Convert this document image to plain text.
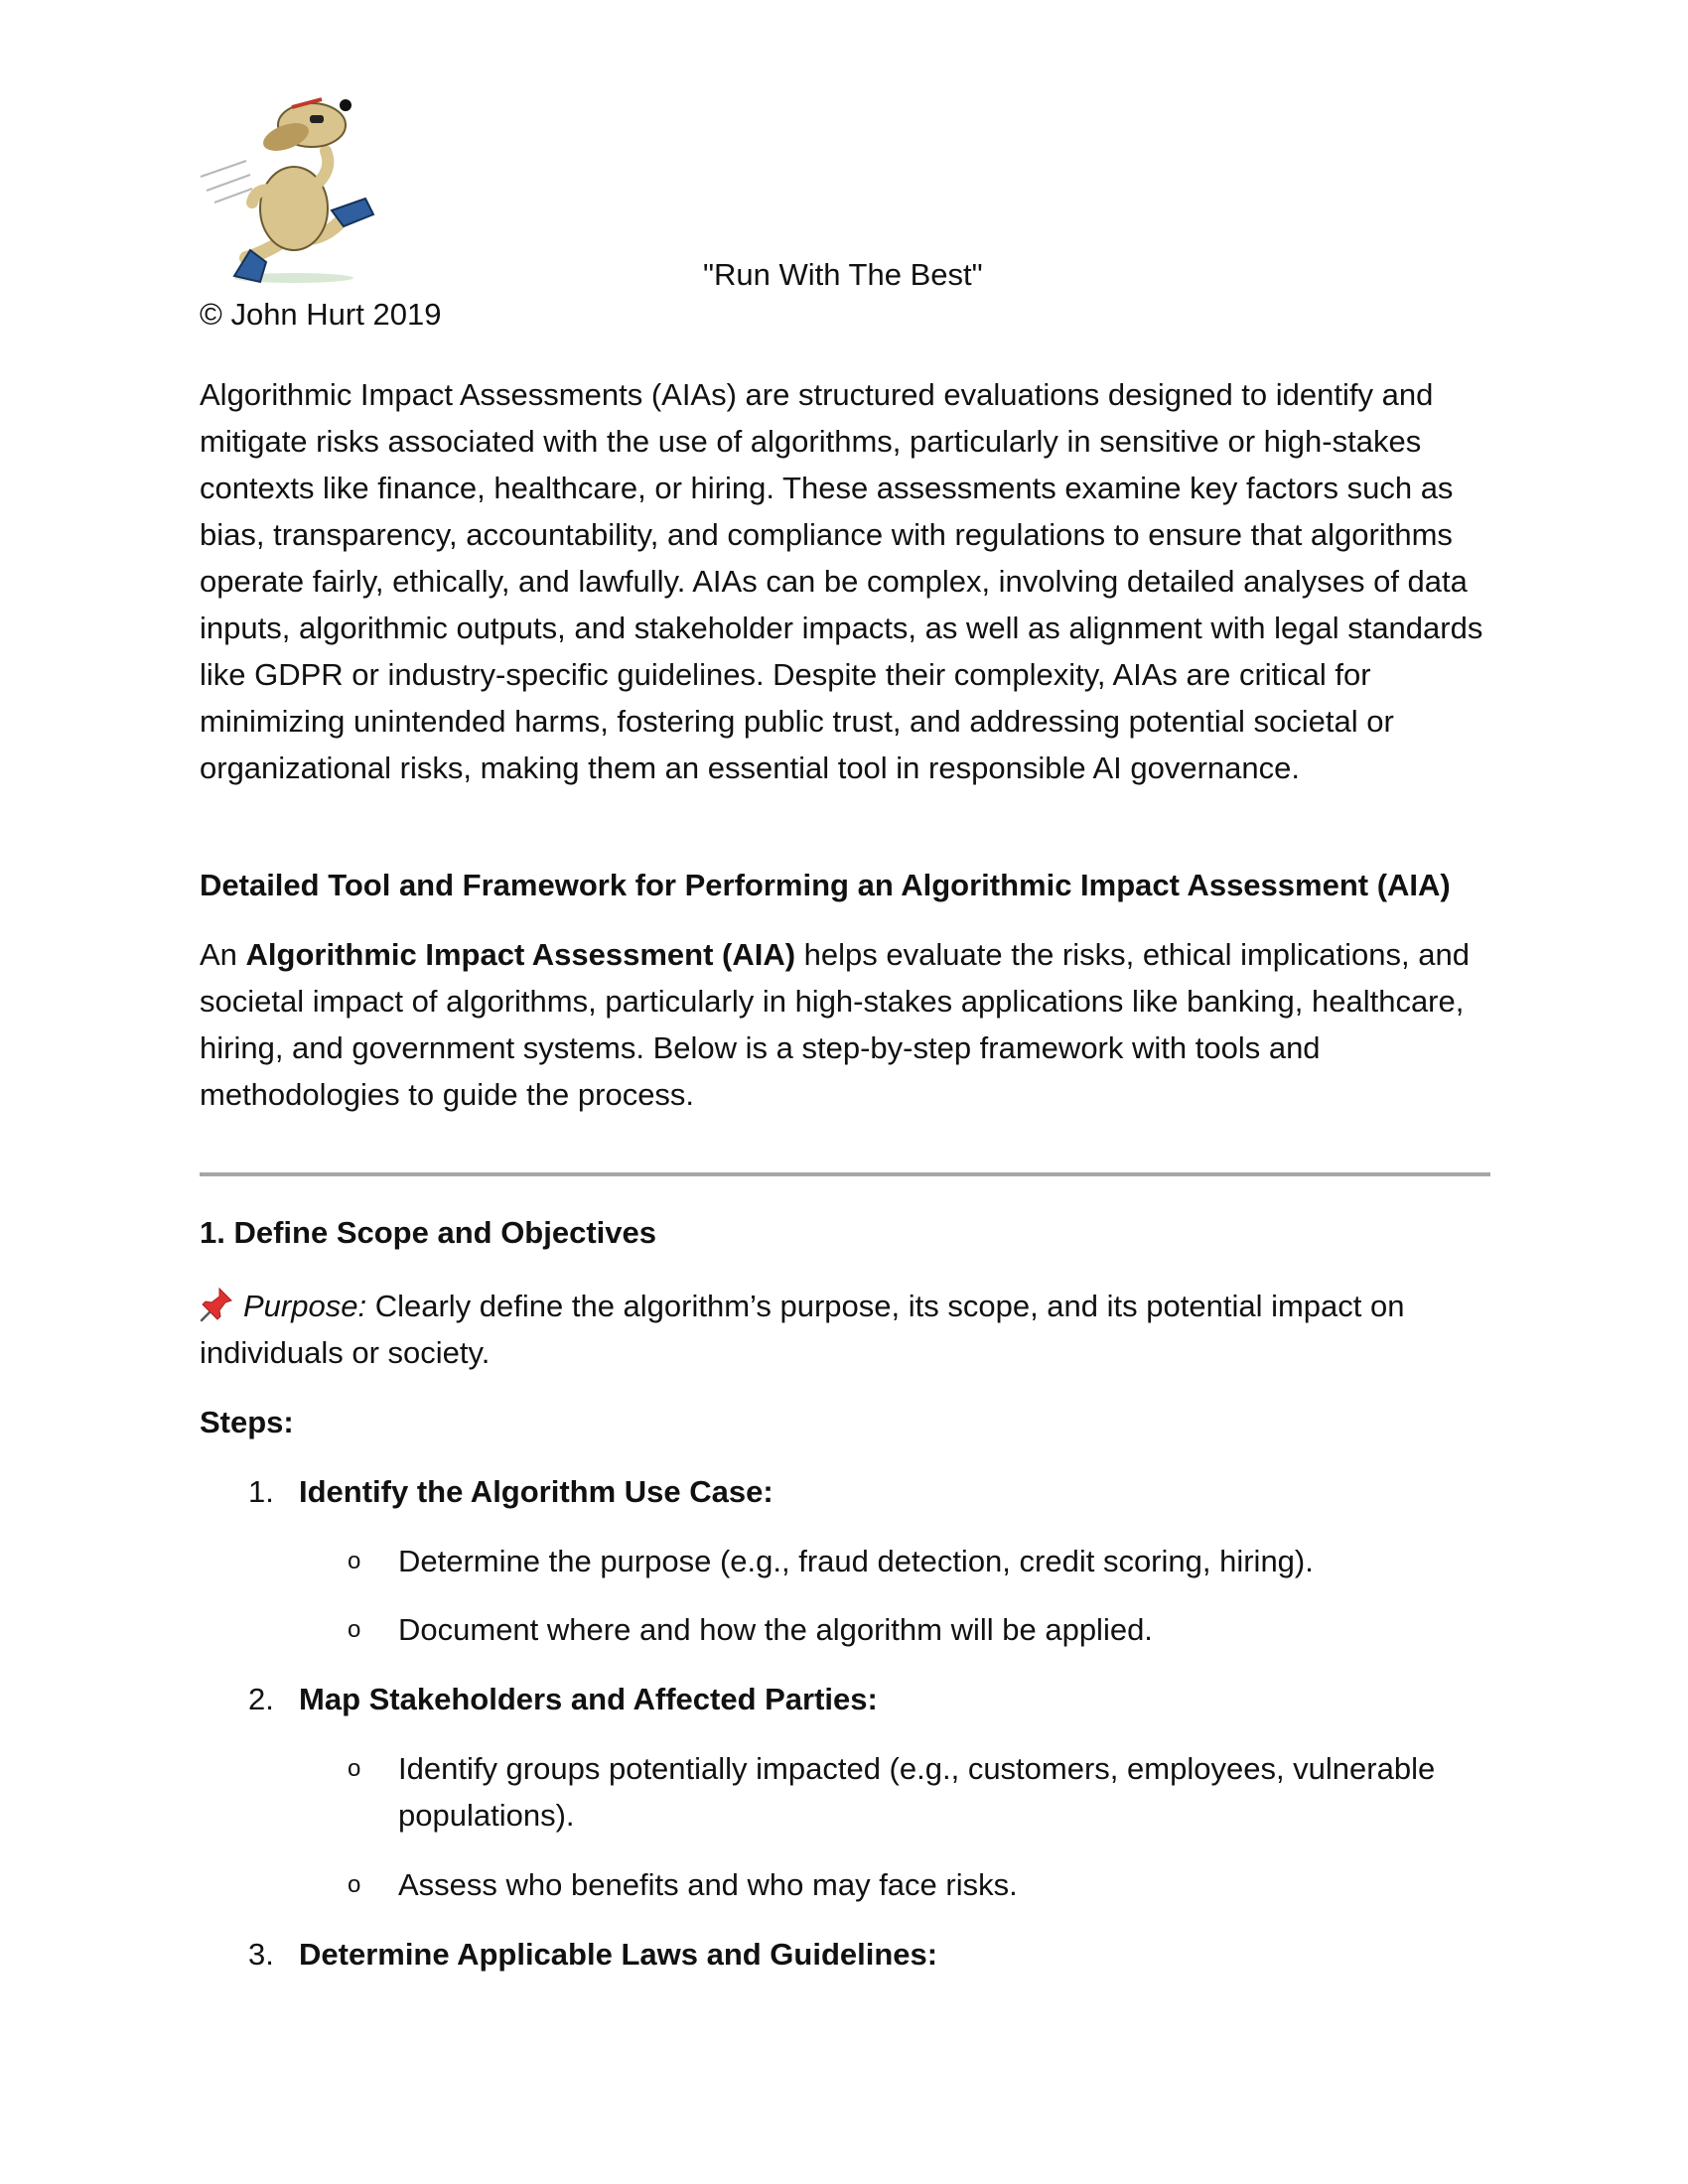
"Run With The Best"
© John Hurt 2019
Algorithmic Impact Assessments (AIAs) are structured evaluations designed to identify and mitigate risks associated with the use of algorithms, particularly in sensitive or high-stakes contexts like finance, healthcare, or hiring. These assessments examine key factors such as bias, transparency, accountability, and compliance with regulations to ensure that algorithms operate fairly, ethically, and lawfully. AIAs can be complex, involving detailed analyses of data inputs, algorithmic outputs, and stakeholder impacts, as well as alignment with legal standards like GDPR or industry-specific guidelines. Despite their complexity, AIAs are critical for minimizing unintended harms, fostering public trust, and addressing potential societal or organizational risks, making them an essential tool in responsible AI governance.
Detailed Tool and Framework for Performing an Algorithmic Impact Assessment (AIA)
An Algorithmic Impact Assessment (AIA) helps evaluate the risks, ethical implications, and societal impact of algorithms, particularly in high-stakes applications like banking, healthcare, hiring, and government systems. Below is a step-by-step framework with tools and methodologies to guide the process.
1. Define Scope and Objectives
Purpose: Clearly define the algorithm’s purpose, its scope, and its potential impact on individuals or society.
Steps:
1. Identify the Algorithm Use Case:
o Determine the purpose (e.g., fraud detection, credit scoring, hiring).
o Document where and how the algorithm will be applied.
2. Map Stakeholders and Affected Parties:
o Identify groups potentially impacted (e.g., customers, employees, vulnerable populations).
o Assess who benefits and who may face risks.
3. Determine Applicable Laws and Guidelines:
